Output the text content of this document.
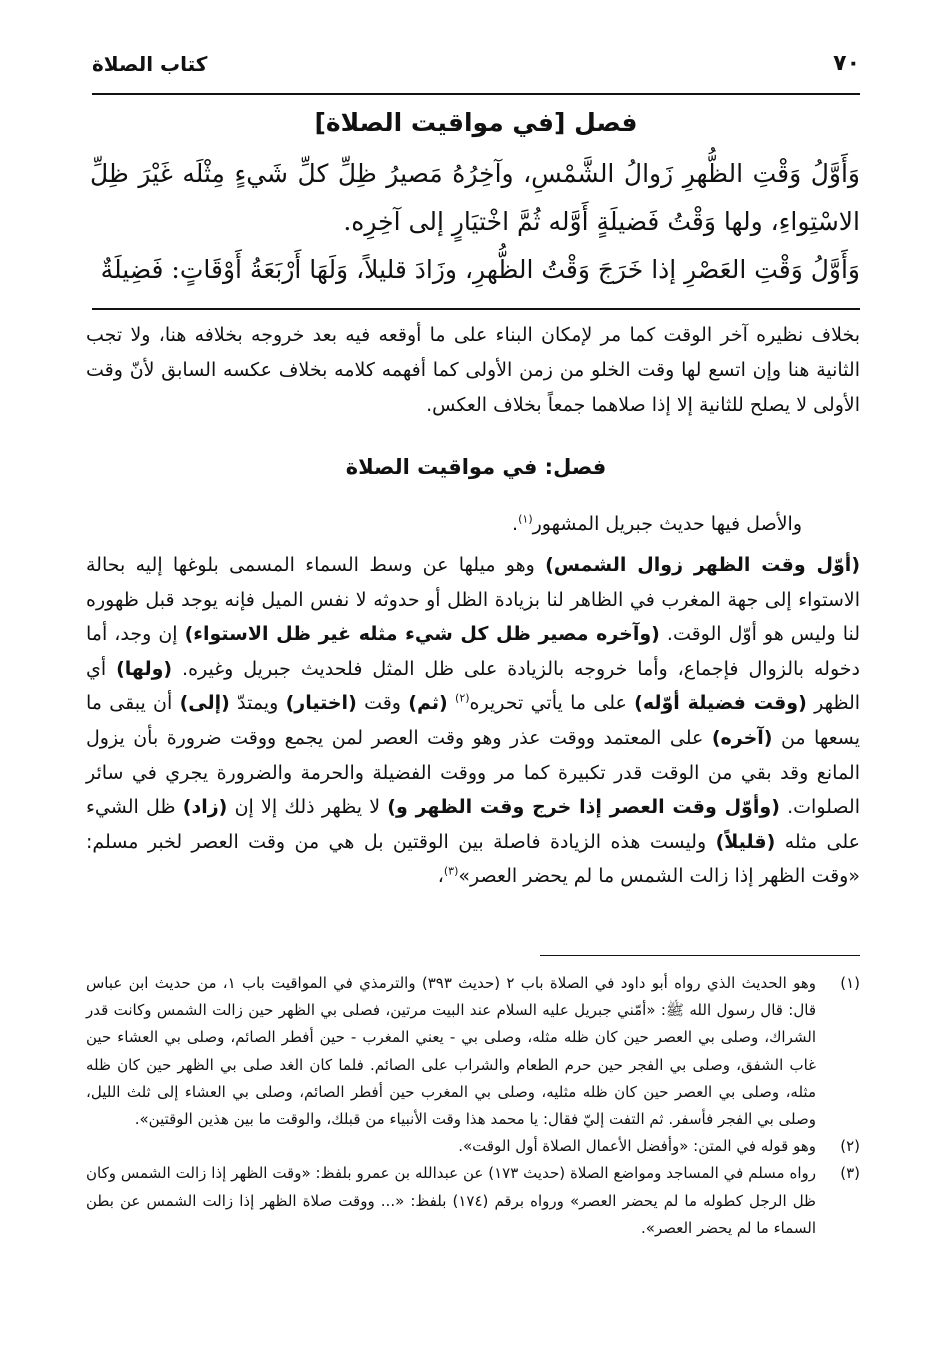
٧٠
كتاب الصلاة
فصل [في مواقيت الصلاة]

وَأَوَّلُ وَقْتِ الظُّهرِ زَوالُ الشَّمْسِ، وآخِرُهُ مَصيرُ ظِلِّ كلِّ شَيءٍ مِثْلَه غَيْرَ ظِلِّ الاسْتِواءِ، ولها وَقْتُ فَضيلَةٍ أَوَّله ثُمَّ اخْتيَارٍ إلى آخِرِه.

وَأَوَّلُ وَقْتِ العَصْرِ إذا خَرَجَ وَقْتُ الظُّهرِ، وزَادَ قليلاً، وَلَهَا أَرْبَعَةُ أَوْقَاتٍ: فَضِيلَةٌ

بخلاف نظيره آخر الوقت كما مر لإمكان البناء على ما أوقعه فيه بعد خروجه بخلافه هنا، ولا تجب الثانية هنا وإن اتسع لها وقت الخلو من زمن الأولى كما أفهمه كلامه بخلاف عكسه السابق لأنّ وقت الأولى لا يصلح للثانية إلا إذا صلاهما جمعاً بخلاف العكس.

فصل: في مواقيت الصلاة

والأصل فيها حديث جبريل المشهور$^{(١)}$.

(أوّل وقت الظهر زوال الشمس) وهو ميلها عن وسط السماء المسمى بلوغها إليه بحالة الاستواء إلى جهة المغرب في الظاهر لنا بزيادة الظل أو حدوثه لا نفس الميل فإنه يوجد قبل ظهوره لنا وليس هو أوّل الوقت. (وآخره مصير ظل كل شيء مثله غير ظل الاستواء) إن وجد، أما دخوله بالزوال فإجماع، وأما خروجه بالزيادة على ظل المثل فلحديث جبريل وغيره. (ولها) أي الظهر (وقت فضيلة أوّله) على ما يأتي تحريره$^{(٢)}$ (ثم) وقت (اختيار) ويمتدّ (إلى) أن يبقى ما يسعها من (آخره) على المعتمد ووقت عذر وهو وقت العصر لمن يجمع ووقت ضرورة بأن يزول المانع وقد بقي من الوقت قدر تكبيرة كما مر ووقت الفضيلة والحرمة والضرورة يجري في سائر الصلوات. (وأوّل وقت العصر إذا خرج وقت الظهر و) لا يظهر ذلك إلا إن (زاد) ظل الشيء على مثله (قليلاً) وليست هذه الزيادة فاصلة بين الوقتين بل هي من وقت العصر لخبر مسلم: «وقت الظهر إذا زالت الشمس ما لم يحضر العصر»$^{(٣)}$،

(١)
وهو الحديث الذي رواه أبو داود في الصلاة باب ٢ (حديث ٣٩٣) والترمذي في المواقيت باب ١، من حديث ابن عباس قال: قال رسول الله ﷺ: «أمّني جبريل عليه السلام عند البيت مرتين، فصلى بي الظهر حين زالت الشمس وكانت قدر الشراك، وصلى بي العصر حين كان ظله مثله، وصلى بي - يعني المغرب - حين أفطر الصائم، وصلى بي العشاء حين غاب الشفق، وصلى بي الفجر حين حرم الطعام والشراب على الصائم. فلما كان الغد صلى بي الظهر حين كان ظله مثله، وصلى بي العصر حين كان ظله مثليه، وصلى بي المغرب حين أفطر الصائم، وصلى بي العشاء إلى ثلث الليل، وصلى بي الفجر فأسفر. ثم التفت إليّ فقال: يا محمد هذا وقت الأنبياء من قبلك، والوقت ما بين هذين الوقتين».
(٢)
وهو قوله في المتن: «وأفضل الأعمال الصلاة أول الوقت».
(٣)
رواه مسلم في المساجد ومواضع الصلاة (حديث ١٧٣) عن عبدالله بن عمرو بلفظ: «وقت الظهر إذا زالت الشمس وكان ظل الرجل كطوله ما لم يحضر العصر» ورواه برقم (١٧٤) بلفظ: «... ووقت صلاة الظهر إذا زالت الشمس عن بطن السماء ما لم يحضر العصر».
